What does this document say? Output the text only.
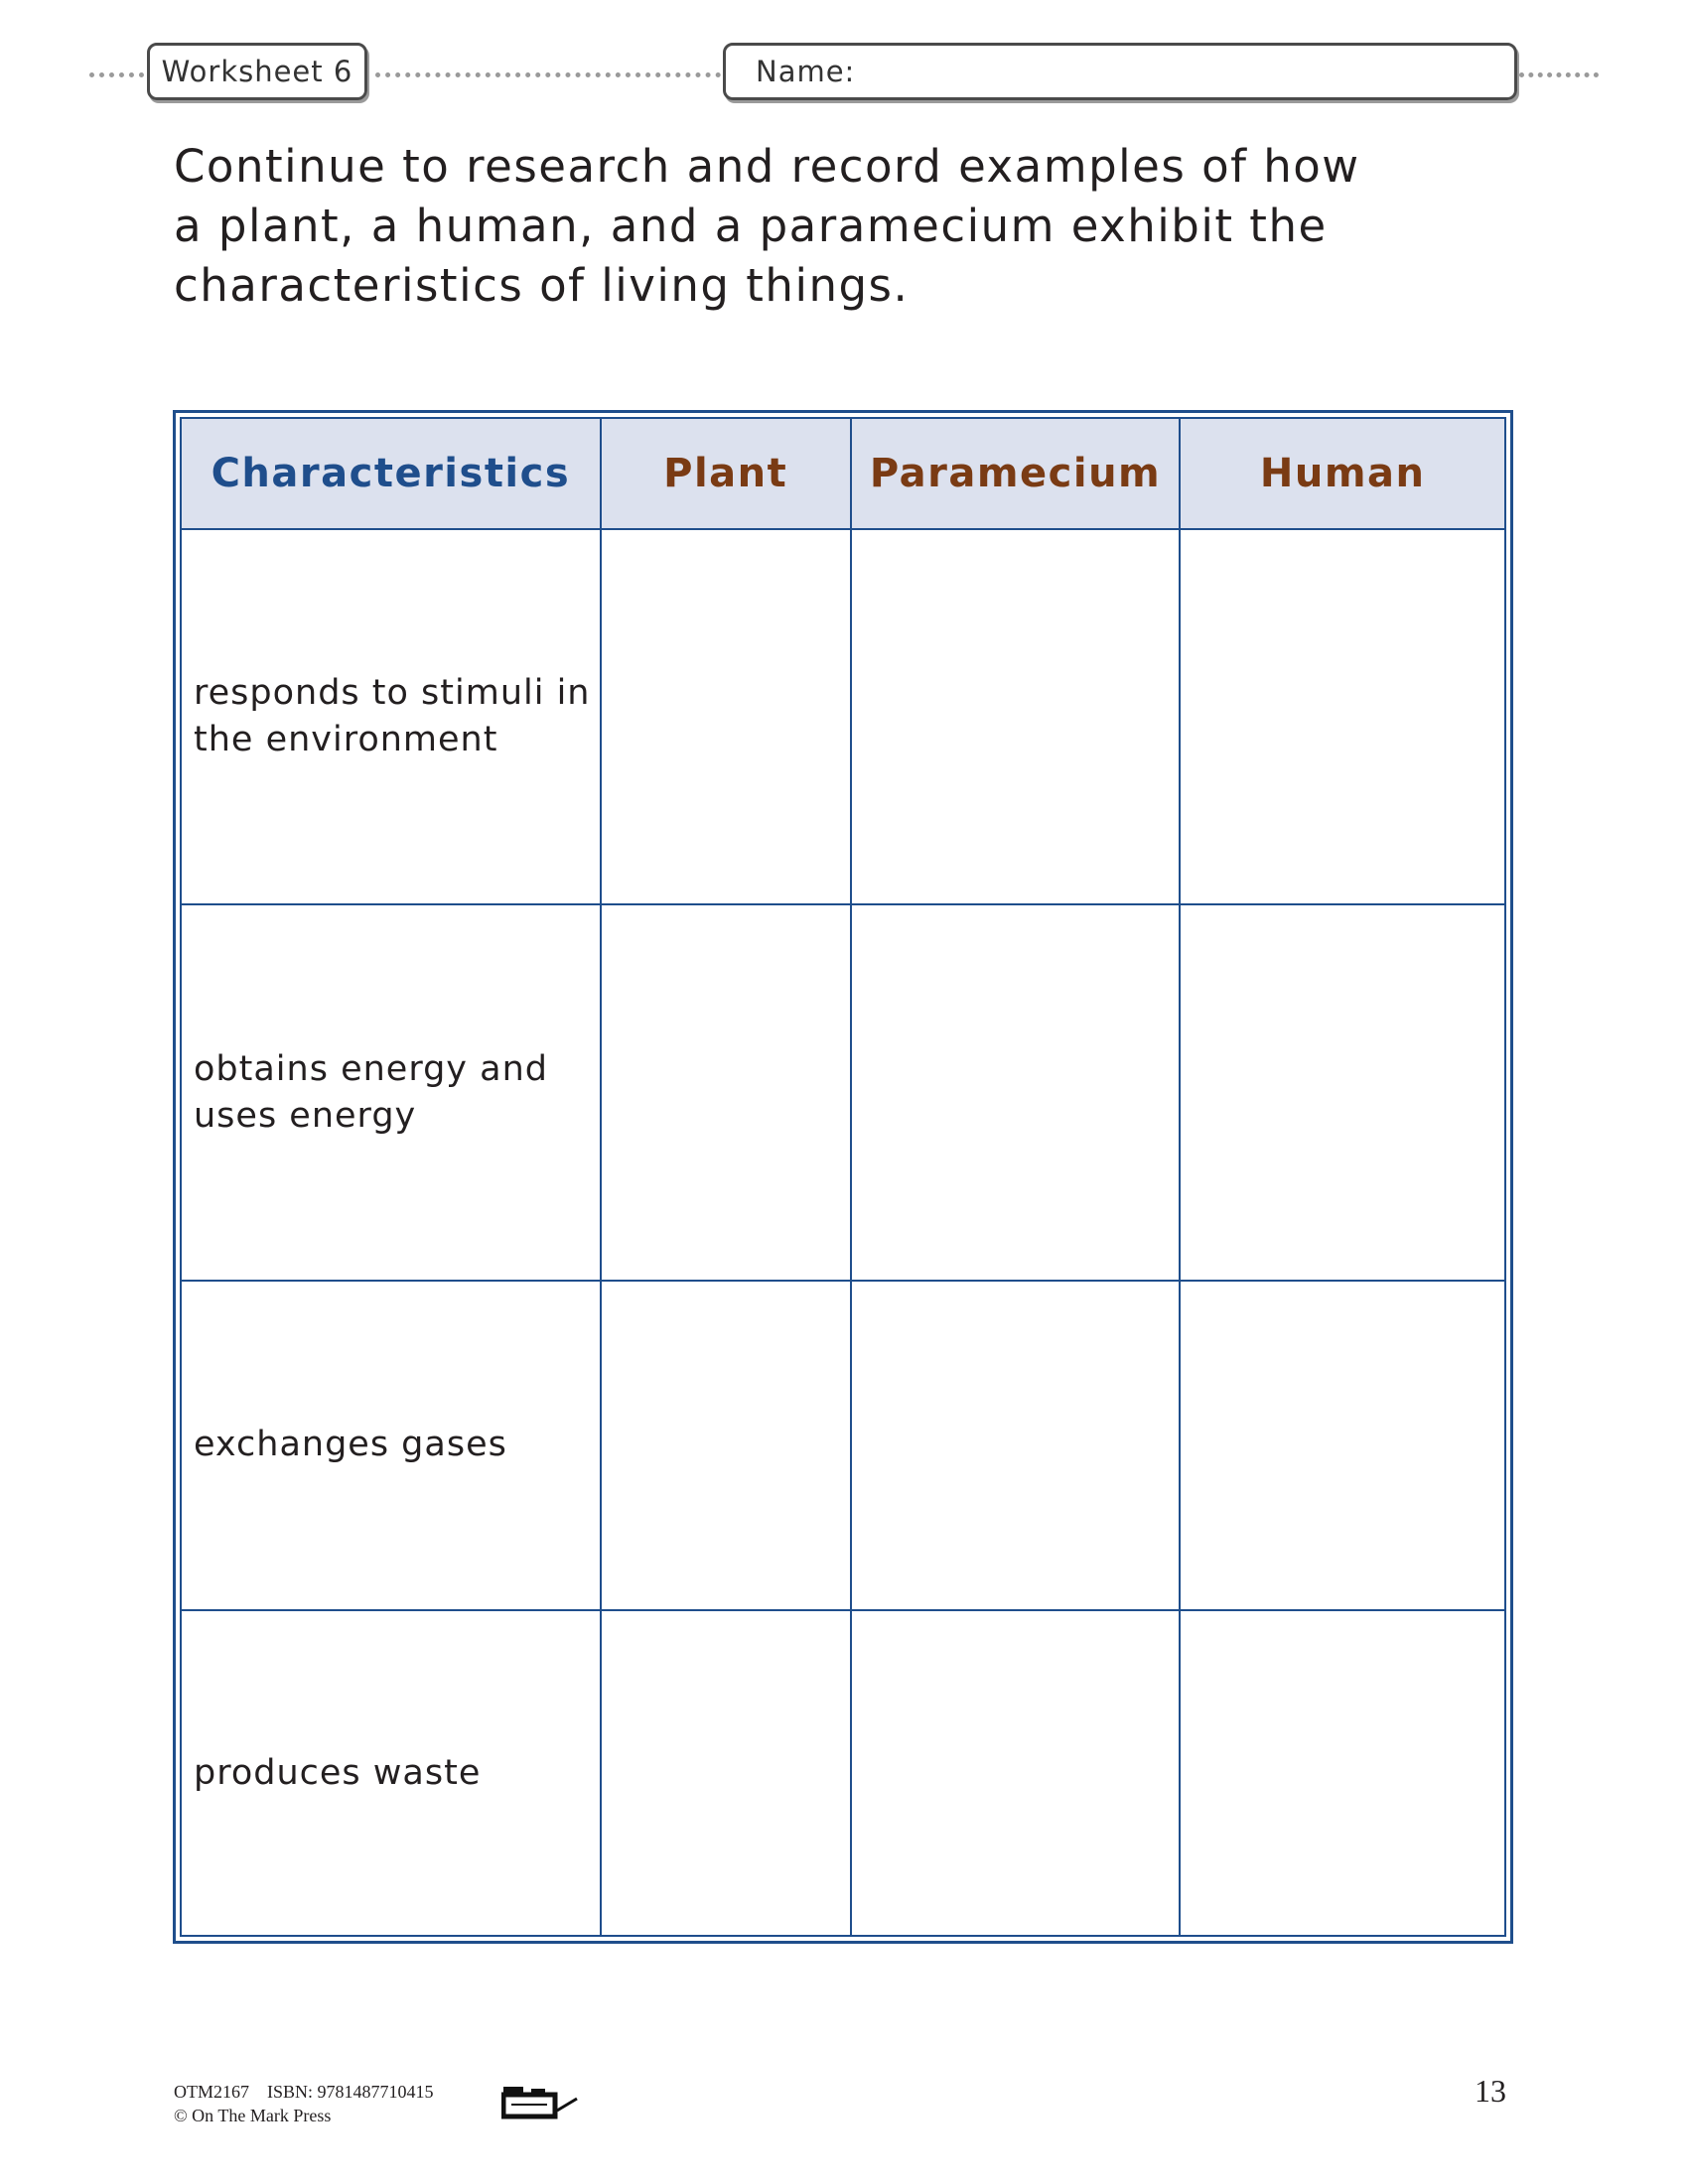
Worksheet 6	Name:
Continue to research and record examples of how
a plant, a human, and a paramecium exhibit the
characteristics of living things.
Characteristics	Plant	Paramecium	Human
responds to stimuli in
the environment			
obtains energy and
uses energy			
exchanges gases			
produces waste			
OTM2167    ISBN: 9781487710415
© On The Mark Press
13
